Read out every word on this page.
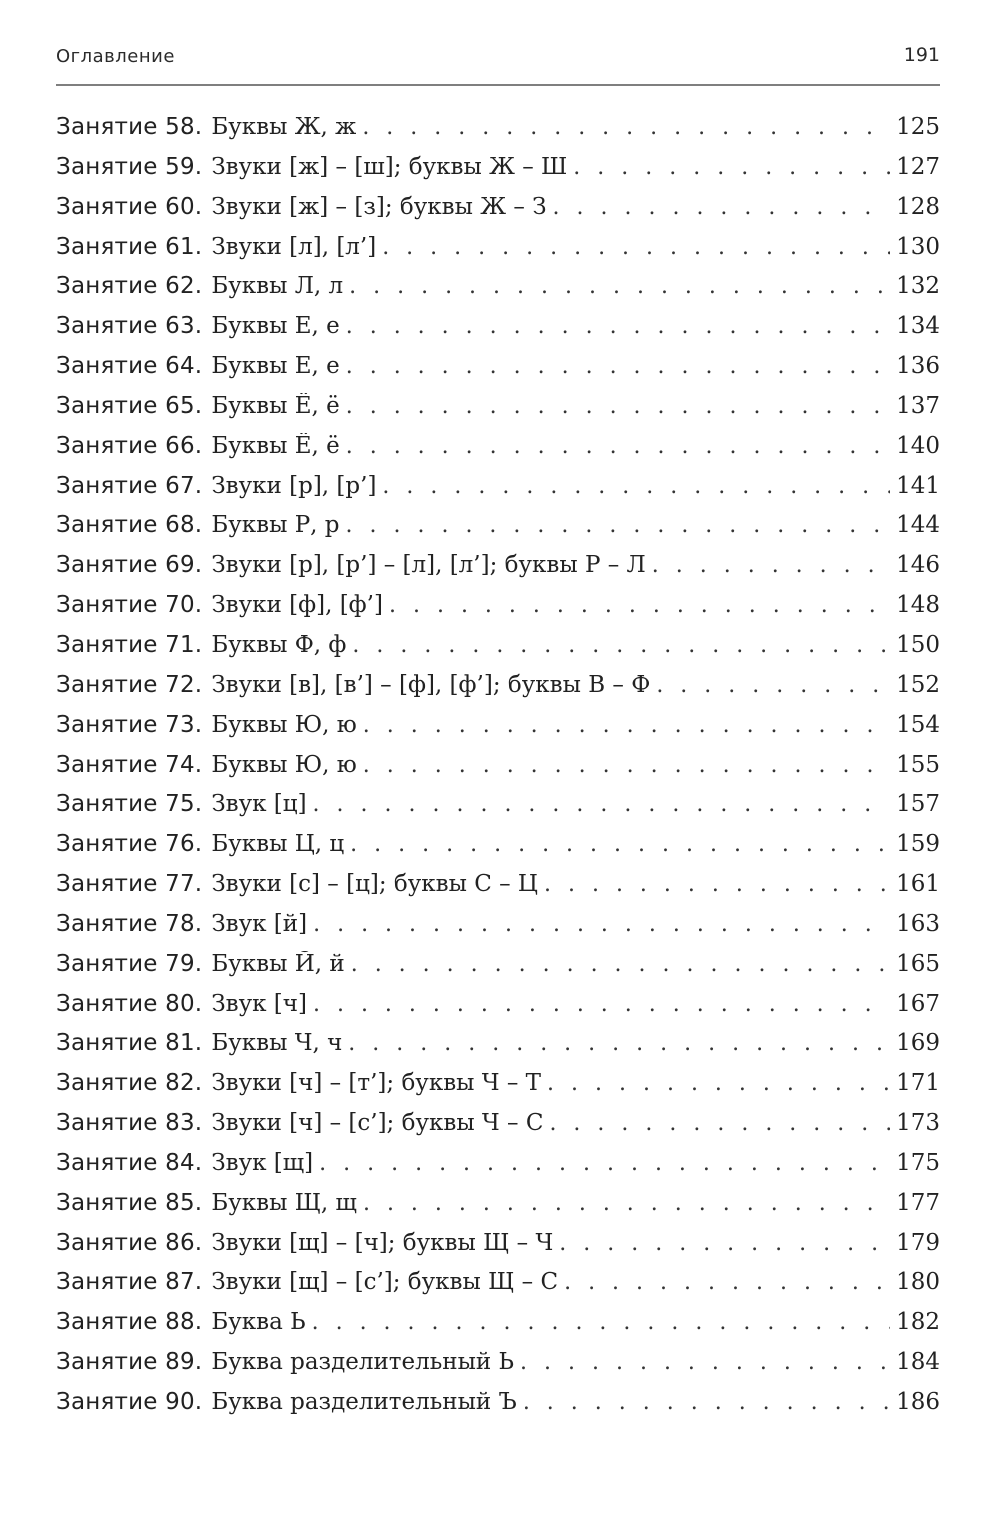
Оглавление	191
Занятие 58. Буквы Ж, ж . . .	125
Занятие 59. Звуки [ж] – [ш]; буквы Ж – Ш . . .	127
Занятие 60. Звуки [ж] – [з]; буквы Ж – З . . .	128
Занятие 61. Звуки [л], [л’] . . .	130
Занятие 62. Буквы Л, л . . .	132
Занятие 63. Буквы Е, е . . .	134
Занятие 64. Буквы Е, е . . .	136
Занятие 65. Буквы Ё, ё . . .	137
Занятие 66. Буквы Ё, ё . . .	140
Занятие 67. Звуки [р], [р’] . . .	141
Занятие 68. Буквы Р, р . . .	144
Занятие 69. Звуки [р], [р’] – [л], [л’]; буквы Р – Л . . .	146
Занятие 70. Звуки [ф], [ф’] . . .	148
Занятие 71. Буквы Ф, ф . . .	150
Занятие 72. Звуки [в], [в’] – [ф], [ф’]; буквы В – Ф . . .	152
Занятие 73. Буквы Ю, ю . . .	154
Занятие 74. Буквы Ю, ю . . .	155
Занятие 75. Звук [ц] . . .	157
Занятие 76. Буквы Ц, ц . . .	159
Занятие 77. Звуки [с] – [ц]; буквы С – Ц . . .	161
Занятие 78. Звук [й] . . .	163
Занятие 79. Буквы Й, й . . .	165
Занятие 80. Звук [ч] . . .	167
Занятие 81. Буквы Ч, ч . . .	169
Занятие 82. Звуки [ч] – [т’]; буквы Ч – Т . . .	171
Занятие 83. Звуки [ч] – [с’]; буквы Ч – С . . .	173
Занятие 84. Звук [щ] . . .	175
Занятие 85. Буквы Щ, щ . . .	177
Занятие 86. Звуки [щ] – [ч]; буквы Щ – Ч . . .	179
Занятие 87. Звуки [щ] – [с’]; буквы Щ – С . . .	180
Занятие 88. Буква Ь . . .	182
Занятие 89. Буква разделительный Ь . . .	184
Занятие 90. Буква разделительный Ъ . . .	186
